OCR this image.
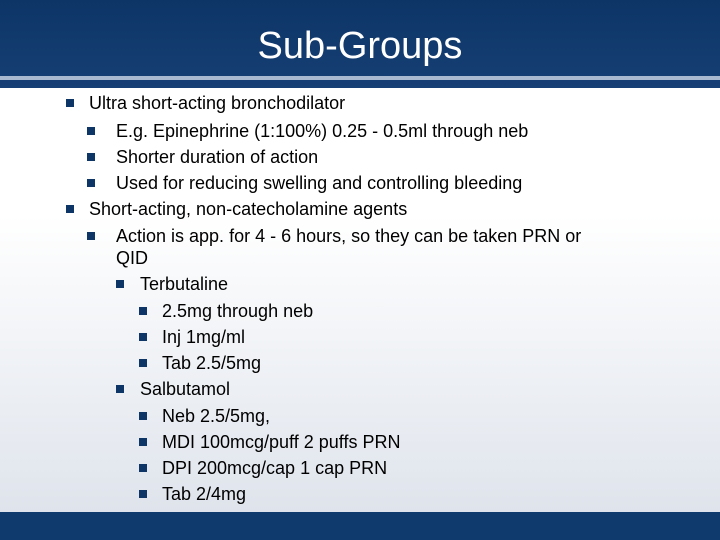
Sub-Groups
Ultra short-acting bronchodilator
E.g. Epinephrine (1:100%) 0.25 - 0.5ml through neb
Shorter duration of action
Used for reducing swelling and controlling bleeding
Short-acting, non-catecholamine agents
Action is app. for 4 - 6 hours, so they can be taken PRN or
QID
Terbutaline
2.5mg through neb
Inj 1mg/ml
Tab 2.5/5mg
Salbutamol
Neb 2.5/5mg,
MDI 100mcg/puff 2 puffs PRN
DPI 200mcg/cap 1 cap PRN
Tab 2/4mg
